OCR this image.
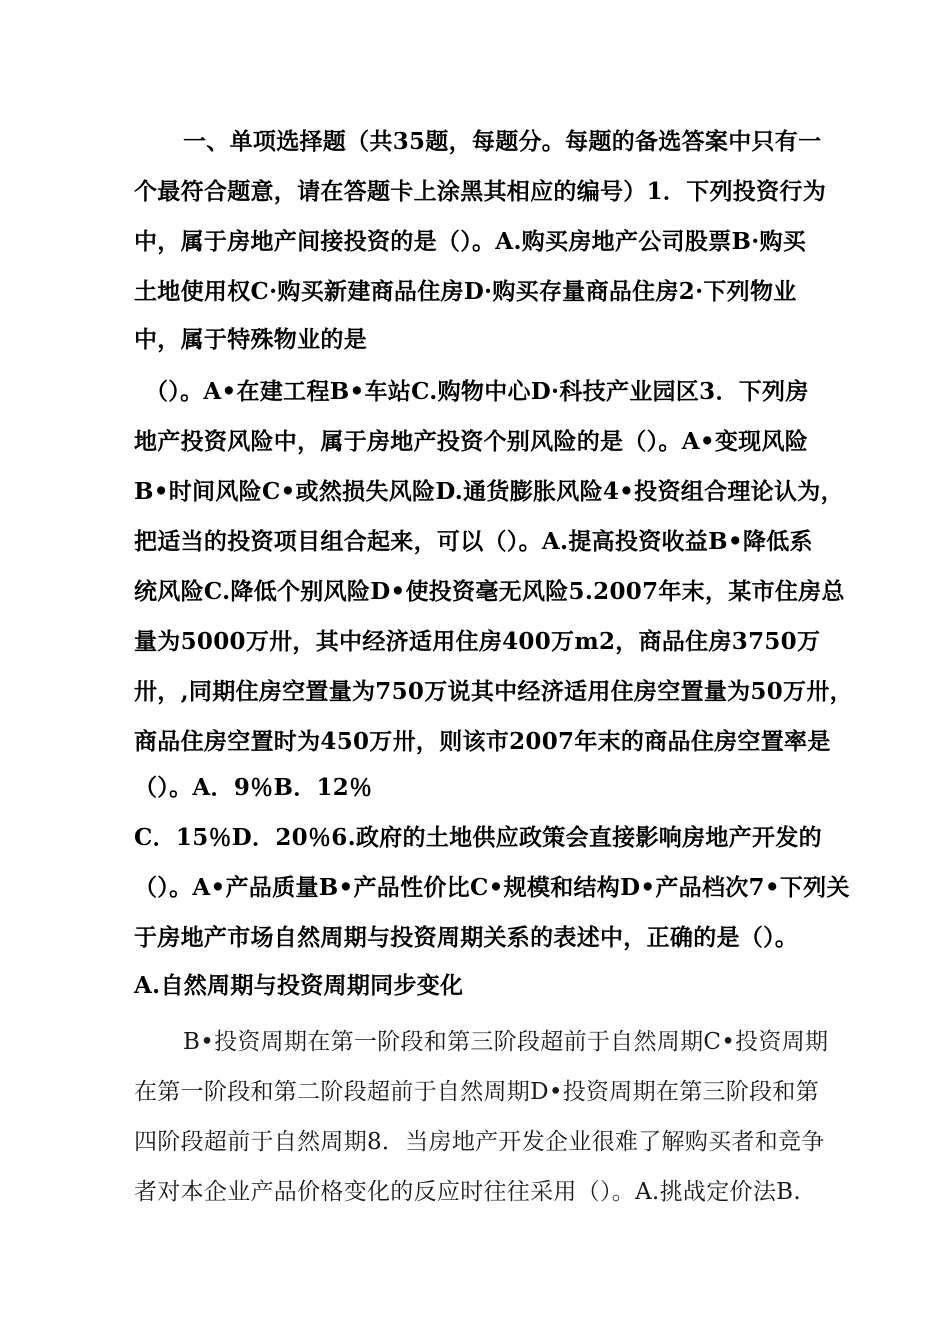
一、单项选择题（共35题，每题分。每题的备选答案中只有一
个最符合题意，请在答题卡上涂黑其相应的编号）1．下列投资行为
中，属于房地产间接投资的是（）。A.购买房地产公司股票B·购买
土地使用权C·购买新建商品住房D·购买存量商品住房2·下列物业
中，属于特殊物业的是
（）。A•在建工程B•车站C.购物中心D·科技产业园区3．下列房
地产投资风险中，属于房地产投资个别风险的是（）。A•变现风险
B•时间风险C•或然损失风险D.通货膨胀风险4•投资组合理论认为，
把适当的投资项目组合起来，可以（）。A.提高投资收益B•降低系
统风险C.降低个别风险D•使投资毫无风险5.2007年末，某市住房总
量为5000万卅，其中经济适用住房400万m2，商品住房3750万
卅，,同期住房空置量为750万说其中经济适用住房空置量为50万卅，
商品住房空置时为450万卅，则该市2007年末的商品住房空置率是
（）。A．9％B．12％
C．15％D．20％6.政府的土地供应政策会直接影响房地产开发的
（）。A•产品质量B•产品性价比C•规模和结构D•产品档次7•下列关
于房地产市场自然周期与投资周期关系的表述中，正确的是（）。
A.自然周期与投资周期同步变化
B•投资周期在第一阶段和第三阶段超前于自然周期C•投资周期
在第一阶段和第二阶段超前于自然周期D•投资周期在第三阶段和第
四阶段超前于自然周期8．当房地产开发企业很难了解购买者和竞争
者对本企业产品价格变化的反应时往往采用（）。A.挑战定价法B.
